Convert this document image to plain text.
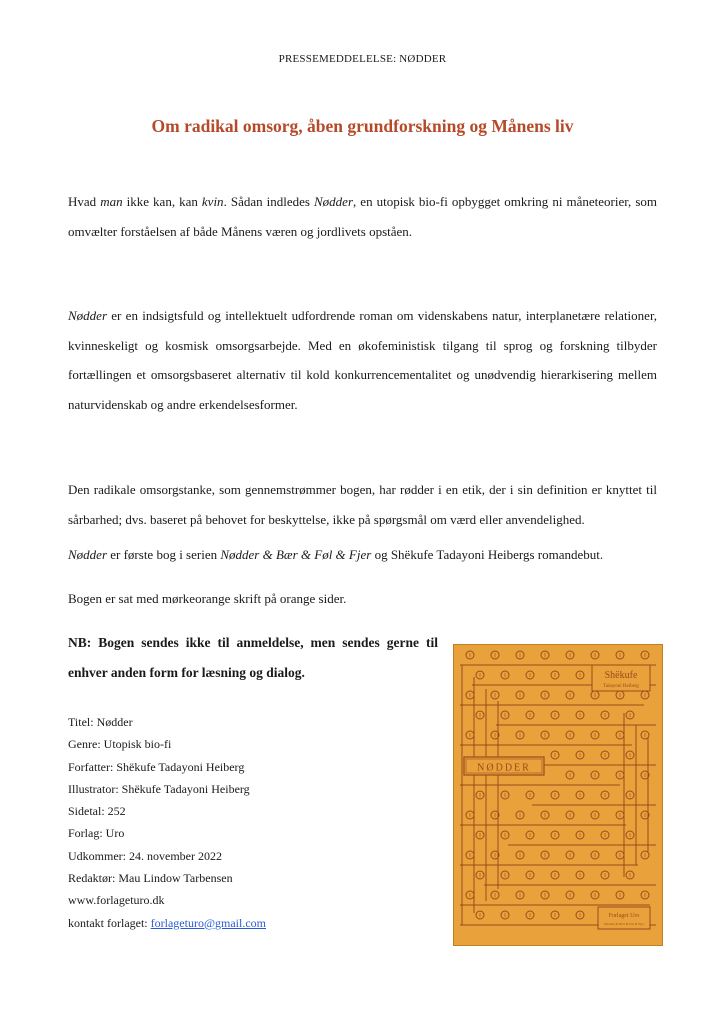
PRESSEMEDDELELSE: NØDDER
Om radikal omsorg, åben grundforskning og Månens liv

Hvad man ikke kan, kan kvin. Sådan indledes Nødder, en utopisk bio-fi opbygget omkring ni måneteorier, som omvælter forståelsen af både Månens væren og jordlivets opståen.

Nødder er en indsigtsfuld og intellektuelt udfordrende roman om videnskabens natur, interplanetære relationer, kvinneskeligt og kosmisk omsorgsarbejde. Med en økofeministisk tilgang til sprog og forskning tilbyder fortællingen et omsorgsbaseret alternativ til kold konkurrencementalitet og unødvendig hierarkisering mellem naturvidenskab og andre erkendelsesformer.

Den radikale omsorgstanke, som gennemstrømmer bogen, har rødder i en etik, der i sin definition er knyttet til sårbarhed; dvs. baseret på behovet for beskyttelse, ikke på spørgsmål om værd eller anvendelighed.

Nødder er første bog i serien Nødder & Bær & Føl & Fjer og Shëkufe Tadayoni Heibergs romandebut.

Bogen er sat med mørkeorange skrift på orange sider.

NB: Bogen sendes ikke til anmeldelse, men sendes gerne til enhver anden form for læsning og dialog.
Titel: Nødder
Genre: Utopisk bio-fi
Forfatter: Shëkufe Tadayoni Heiberg
Illustrator: Shëkufe Tadayoni Heiberg
Sidetal: 252
Forlag: Uro
Udkommer: 24. november 2022
Redaktør: Mau Lindow Tarbensen
www.forlageturo.dk
kontakt forlaget: forlageturo@gmail.com
NØDDER
Shëkufe
Tadayoni Heiberg
Forlaget Uro
Nødder & Bær & Føl & Fjer
